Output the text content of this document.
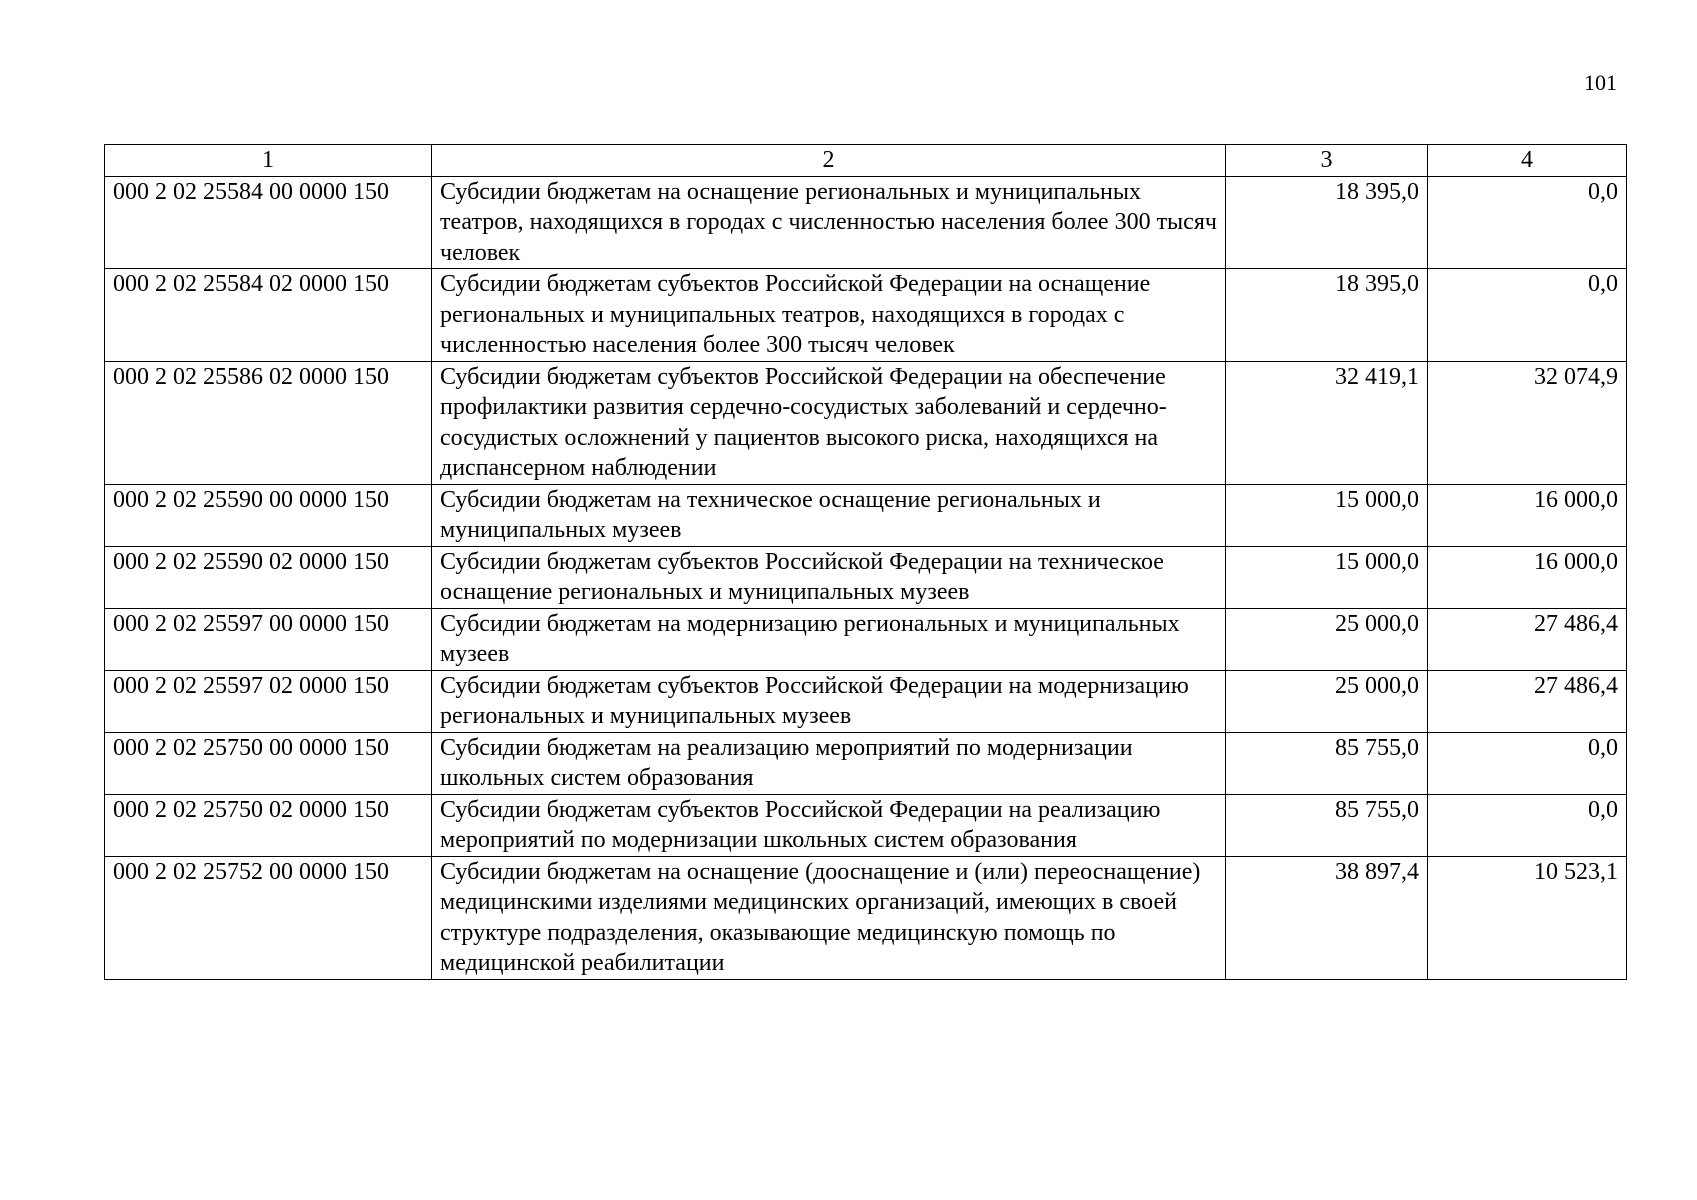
101
1	2	3	4
000 2 02 25584 00 0000 150	Субсидии бюджетам на оснащение региональных и муниципальных театров, находящихся в городах с численностью населения более 300 тысяч человек	18 395,0	0,0
000 2 02 25584 02 0000 150	Субсидии бюджетам субъектов Российской Федерации на оснащение региональных и муниципальных театров, находящихся в городах с численностью населения более 300 тысяч человек	18 395,0	0,0
000 2 02 25586 02 0000 150	Субсидии бюджетам субъектов Российской Федерации на обеспечение профилактики развития сердечно-сосудистых заболеваний и сердечно-сосудистых осложнений у пациентов высокого риска, находящихся на диспансерном наблюдении	32 419,1	32 074,9
000 2 02 25590 00 0000 150	Субсидии бюджетам на техническое оснащение региональных и муниципальных музеев	15 000,0	16 000,0
000 2 02 25590 02 0000 150	Субсидии бюджетам субъектов Российской Федерации на техническое оснащение региональных и муниципальных музеев	15 000,0	16 000,0
000 2 02 25597 00 0000 150	Субсидии бюджетам на модернизацию региональных и муниципальных музеев	25 000,0	27 486,4
000 2 02 25597 02 0000 150	Субсидии бюджетам субъектов Российской Федерации на модернизацию региональных и муниципальных музеев	25 000,0	27 486,4
000 2 02 25750 00 0000 150	Субсидии бюджетам на реализацию мероприятий по модернизации школьных систем образования	85 755,0	0,0
000 2 02 25750 02 0000 150	Субсидии бюджетам субъектов Российской Федерации на реализацию мероприятий по модернизации школьных систем образования	85 755,0	0,0
000 2 02 25752 00 0000 150	Субсидии бюджетам на оснащение (дооснащение и (или) переоснащение) медицинскими изделиями медицинских организаций, имеющих в своей структуре подразделения, оказывающие медицинскую помощь по медицинской реабилитации	38 897,4	10 523,1
